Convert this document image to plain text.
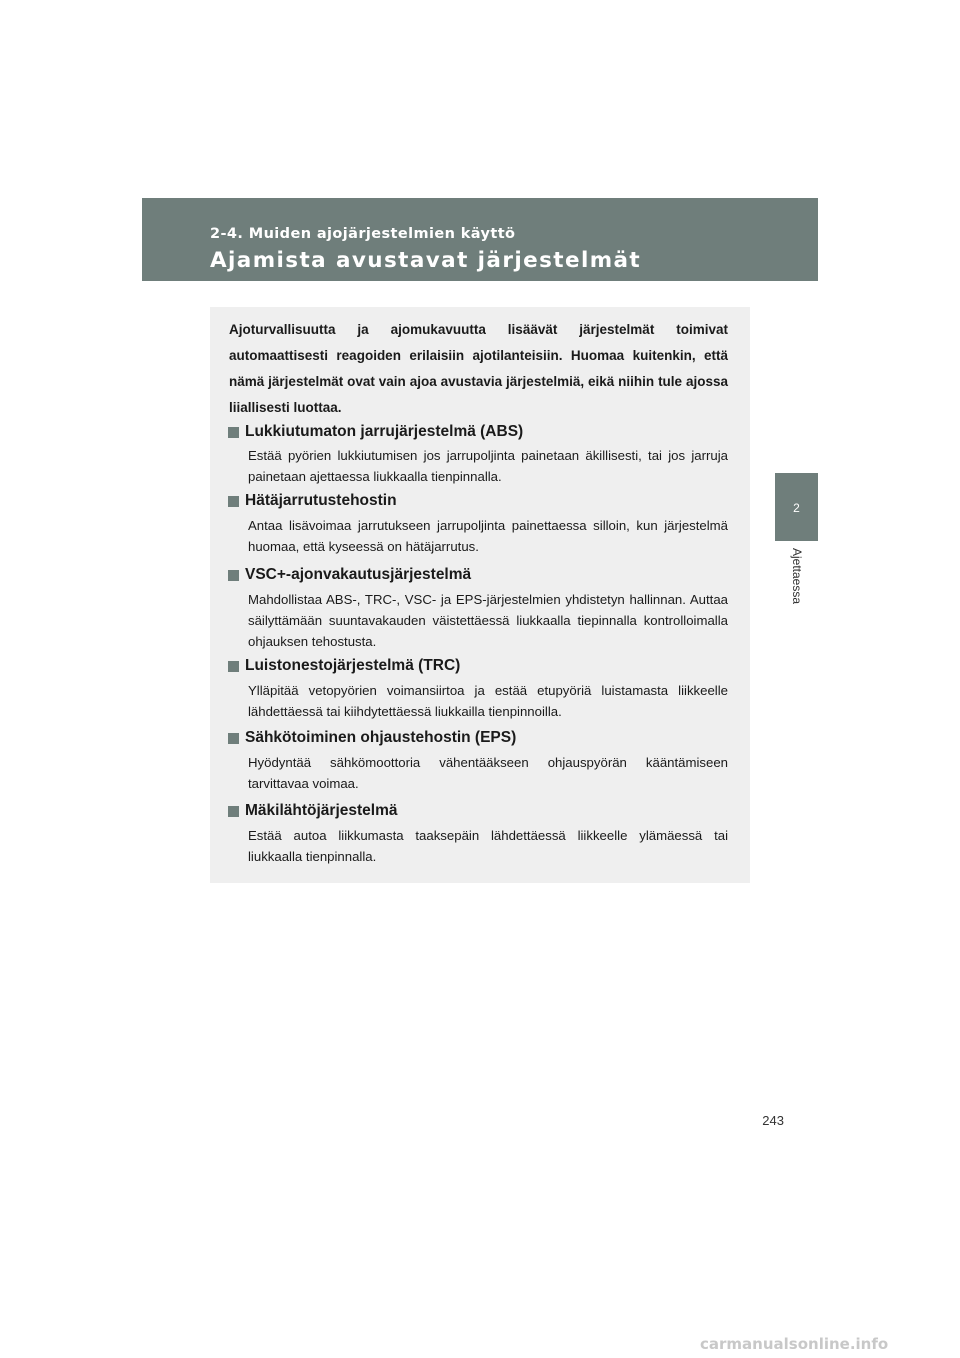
2-4. Muiden ajojärjestelmien käyttö
Ajamista avustavat järjestelmät
2
Ajettaessa

Ajoturvallisuutta ja ajomukavuutta lisäävät järjestelmät toimivat automaattisesti reagoiden erilaisiin ajotilanteisiin. Huomaa kuitenkin, että nämä järjestelmät ovat vain ajoa avustavia järjestelmiä, eikä niihin tule ajossa liiallisesti luottaa.

Lukkiutumaton jarrujärjestelmä (ABS)

Estää pyörien lukkiutumisen jos jarrupoljinta painetaan äkillisesti, tai jos jarruja painetaan ajettaessa liukkaalla tienpinnalla.

Hätäjarrutustehostin

Antaa lisävoimaa jarrutukseen jarrupoljinta painettaessa silloin, kun järjestelmä huomaa, että kyseessä on hätäjarrutus.

VSC+-ajonvakautusjärjestelmä

Mahdollistaa ABS-, TRC-, VSC- ja EPS-järjestelmien yhdistetyn hallinnan. Auttaa säilyttämään suuntavakauden väistettäessä liukkaalla tiepinnalla kontrolloimalla ohjauksen tehostusta.

Luistonestojärjestelmä (TRC)

Ylläpitää vetopyörien voimansiirtoa ja estää etupyöriä luistamasta liikkeelle lähdettäessä tai kiihdytettäessä liukkailla tienpinnoilla.

Sähkötoiminen ohjaustehostin (EPS)

Hyödyntää sähkömoottoria vähentääkseen ohjauspyörän kääntämiseen tarvittavaa voimaa.

Mäkilähtöjärjestelmä

Estää autoa liikkumasta taaksepäin lähdettäessä liikkeelle ylämäessä tai liukkaalla tienpinnalla.

243
carmanualsonline.info
